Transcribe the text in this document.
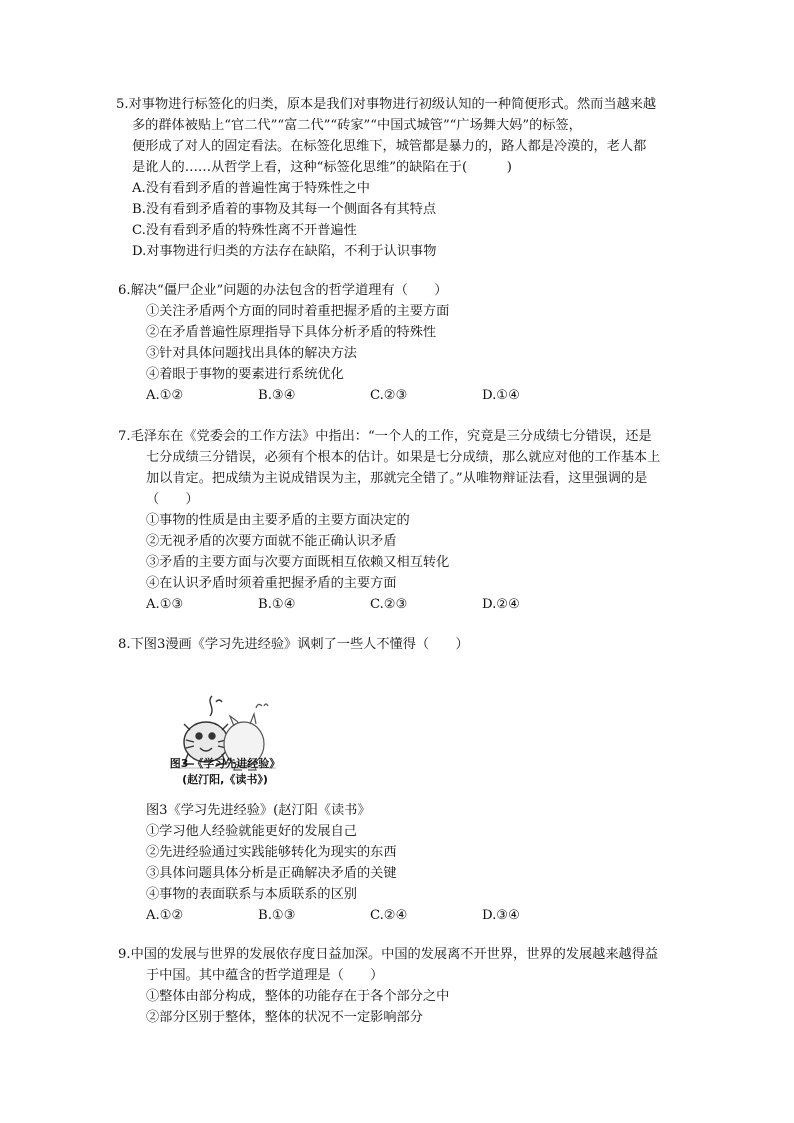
5.对事物进行标签化的归类，原本是我们对事物进行初级认知的一种简便形式。然而当越来越

多的群体被贴上“官二代”“富二代”“砖家”“中国式城管”“广场舞大妈”的标签，

便形成了对人的固定看法。在标签化思维下，城管都是暴力的，路人都是冷漠的，老人都

是讹人的……从哲学上看，这种“标签化思维”的缺陷在于(　　　)

A.没有看到矛盾的普遍性寓于特殊性之中

B.没有看到矛盾着的事物及其每一个侧面各有其特点

C.没有看到矛盾的特殊性离不开普遍性

D.对事物进行归类的方法存在缺陷，不利于认识事物

6.解决“僵尸企业”问题的办法包含的哲学道理有（　　）

①关注矛盾两个方面的同时着重把握矛盾的主要方面

②在矛盾普遍性原理指导下具体分析矛盾的特殊性

③针对具体问题找出具体的解决方法

④着眼于事物的要素进行系统优化

A.①②	B.③④	C.②③	D.①④

7.毛泽东在《党委会的工作方法》中指出：“一个人的工作，究竟是三分成绩七分错误，还是

七分成绩三分错误，必须有个根本的估计。如果是七分成绩，那么就应对他的工作基本上

加以肯定。把成绩为主说成错误为主，那就完全错了。”从唯物辩证法看，这里强调的是

（　　）

①事物的性质是由主要矛盾的主要方面决定的

②无视矛盾的次要方面就不能正确认识矛盾

③矛盾的主要方面与次要方面既相互依赖又相互转化

④在认识矛盾时须着重把握矛盾的主要方面

A.①③	B.①④	C.②③	D.②④

8.下图3漫画《学习先进经验》讽刺了一些人不懂得（　　）

图3 《学习先进经验》
(赵汀阳,《读书》)

图3《学习先进经验》(赵汀阳《读书》

①学习他人经验就能更好的发展自己

②先进经验通过实践能够转化为现实的东西

③具体问题具体分析是正确解决矛盾的关键

④事物的表面联系与本质联系的区别

A.①②	B.①③	C.②④	D.③④

9.中国的发展与世界的发展依存度日益加深。中国的发展离不开世界，世界的发展越来越得益

于中国。其中蕴含的哲学道理是（　　）

①整体由部分构成，整体的功能存在于各个部分之中

②部分区别于整体，整体的状况不一定影响部分
